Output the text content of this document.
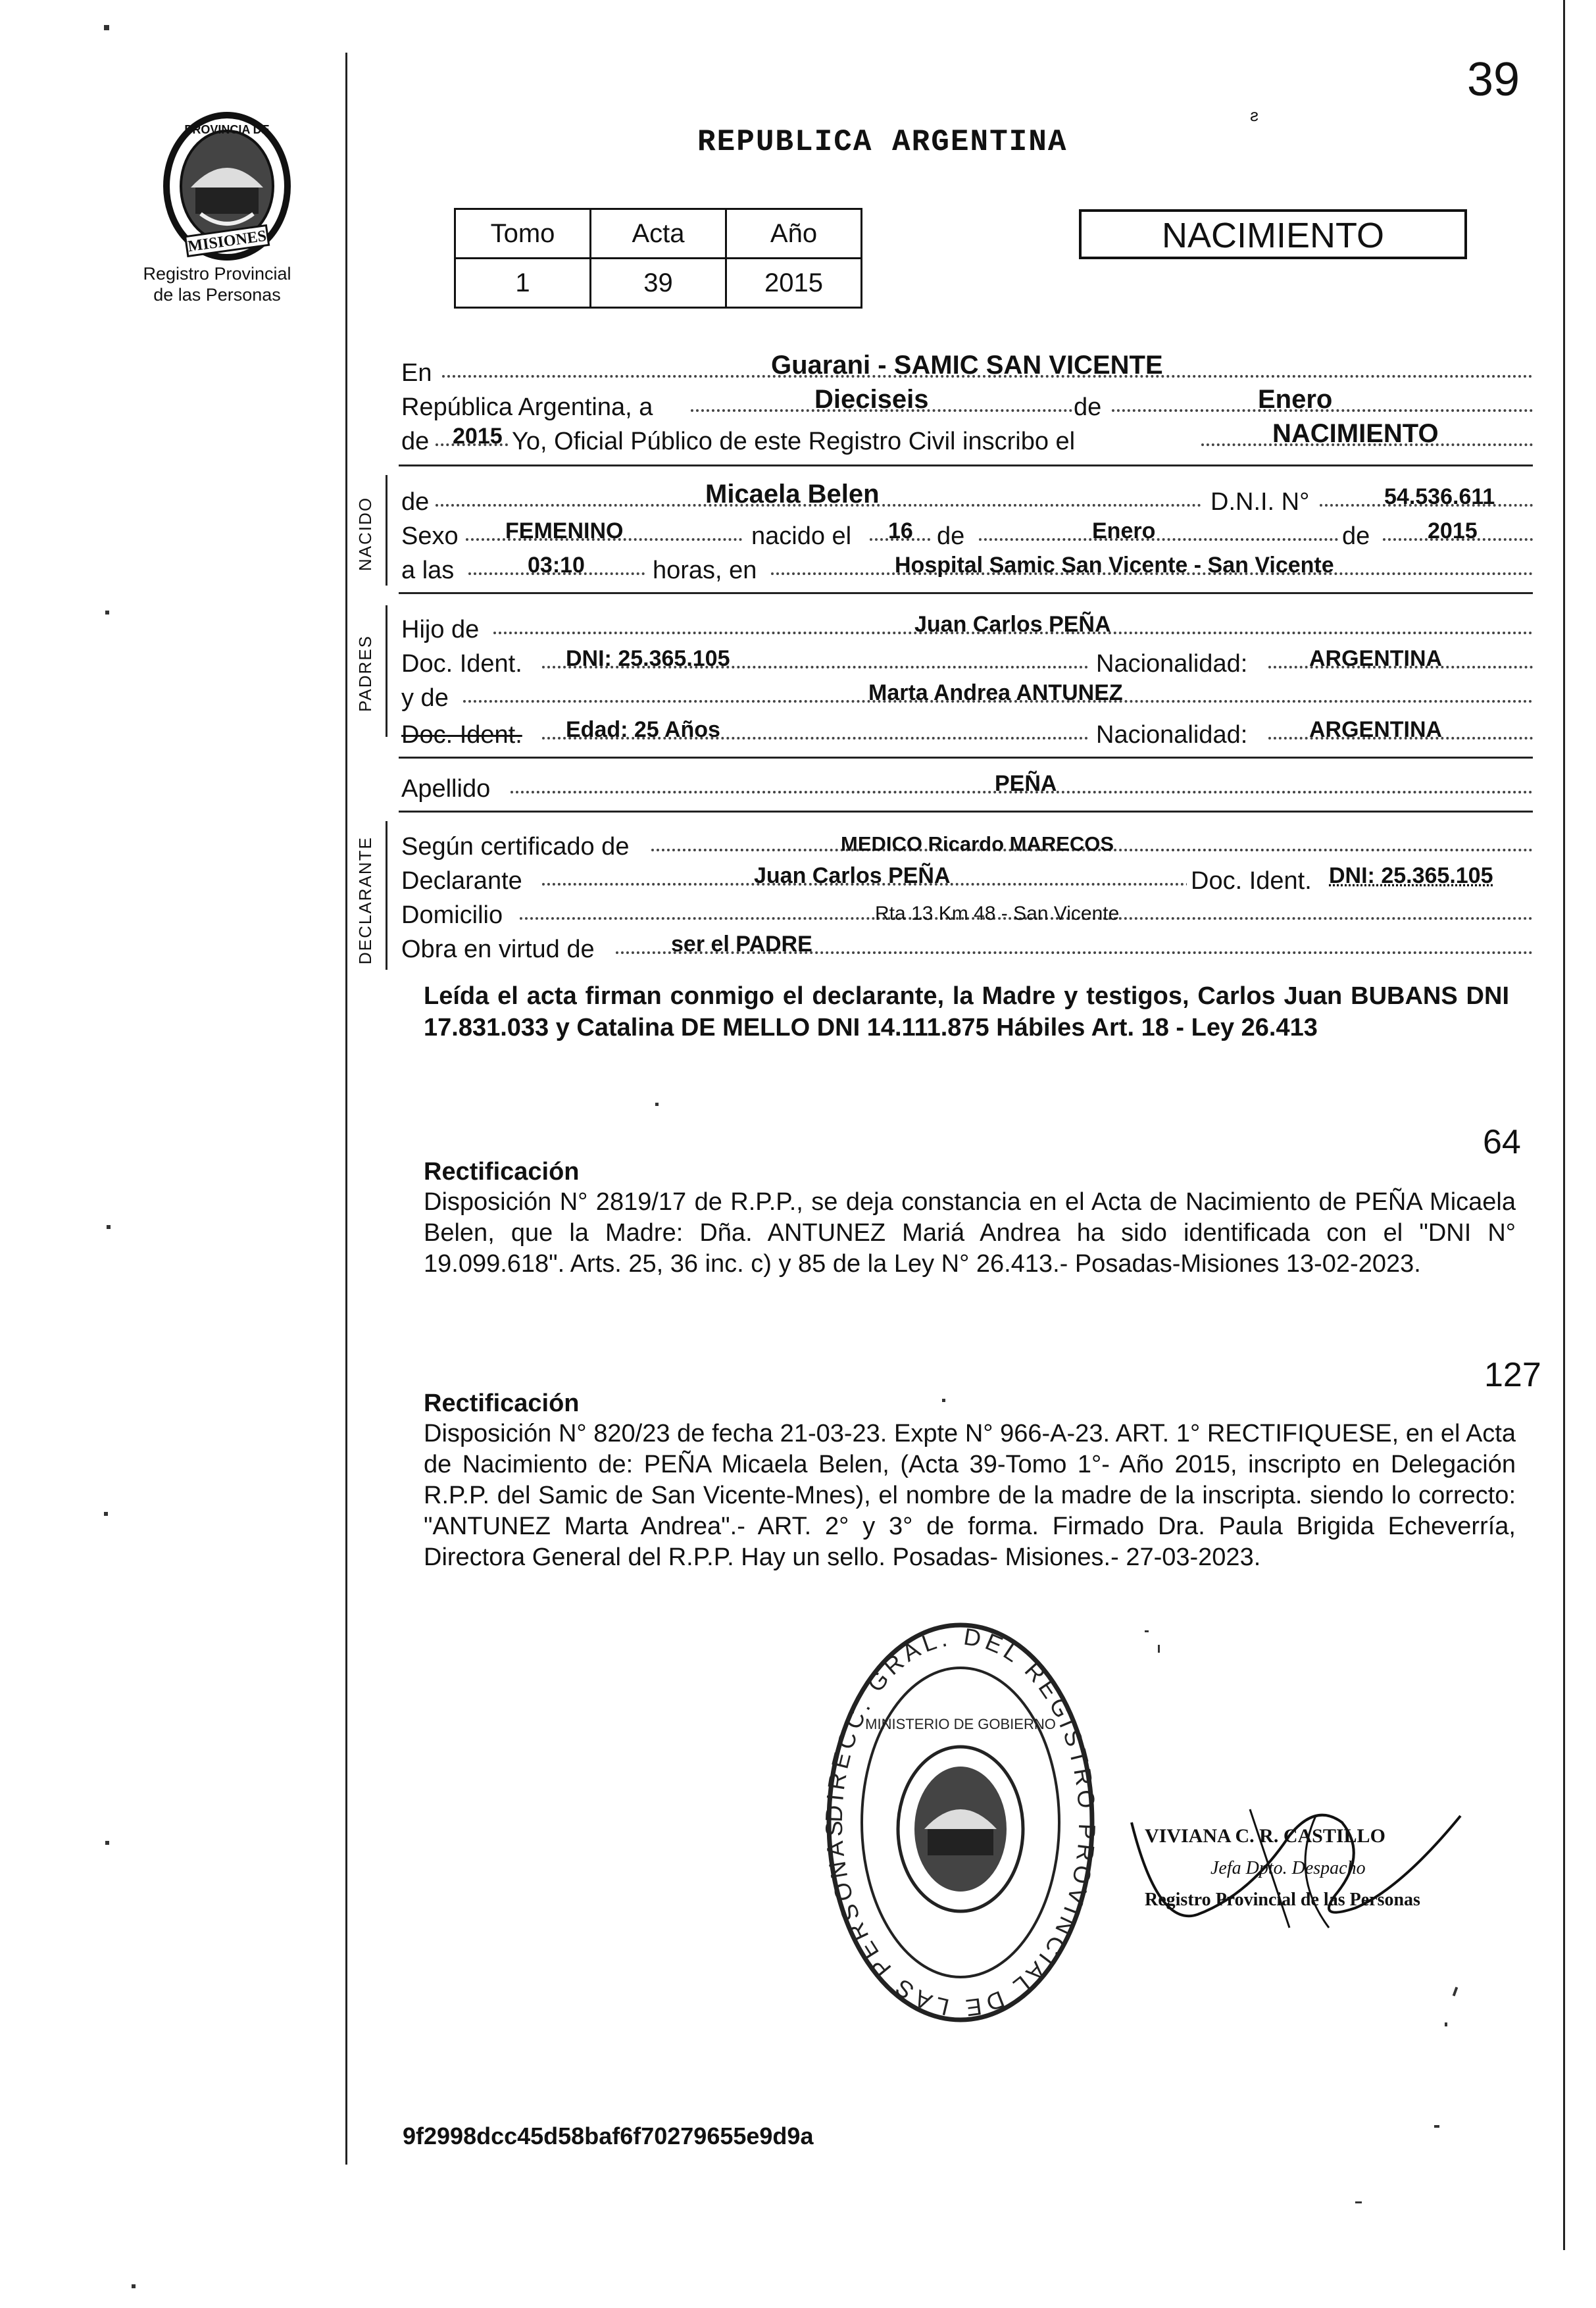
39
ƨ
REPUBLICA ARGENTINA
PROVINCIA DE
MISIONES
Registro Provincial
de las Personas
Tomo	Acta	Año
1	39	2015
NACIMIENTO
En	Guarani - SAMIC SAN VICENTE
República Argentina, a	Dieciseis	de	Enero
de 2015 Yo, Oficial Público de este Registro Civil inscribo el	NACIMIENTO
NACIDO de	Micaela Belen	D.N.I. N°	54.536.611
Sexo FEMENINO	nacido el 16 de	Enero	de	2015
a las	03:10	horas, en	Hospital Samic San Vicente - San Vicente
PADRES
Hijo de	Juan Carlos PEÑA
Doc. Ident. DNI: 25.365.105	Nacionalidad:	ARGENTINA
y de	Marta Andrea ANTUNEZ
Doc. Ident. Edad: 25 Años	Nacionalidad:	ARGENTINA
Apellido	PEÑA
DECLARANTE Según certificado de	MEDICO Ricardo MARECOS
Declarante	Juan Carlos PEÑA	Doc. Ident. DNI: 25.365.105
Domicilio	Rta 13 Km 48 - San Vicente
Obra en virtud de	ser el PADRE
Leída el acta firman conmigo el declarante, la Madre y testigos, Carlos Juan BUBANS DNI 17.831.033 y Catalina DE MELLO DNI 14.111.875 Hábiles Art. 18 - Ley 26.413
64
Rectificación
Disposición N° 2819/17 de R.P.P., se deja constancia en el Acta de Nacimiento de PEÑA Micaela Belen, que la Madre: Dña. ANTUNEZ Mariá Andrea ha sido identificada con el "DNI N° 19.099.618". Arts. 25, 36 inc. c) y 85 de la Ley N° 26.413.- Posadas-Misiones 13-02-2023.
127
Rectificación
Disposición N° 820/23 de fecha 21-03-23. Expte N° 966-A-23. ART. 1° RECTIFIQUESE, en el Acta de Nacimiento de: PEÑA Micaela Belen, (Acta 39-Tomo 1°- Año 2015, inscripto en Delegación R.P.P. del Samic de San Vicente-Mnes), el nombre de la madre de la inscripta. siendo lo correcto: "ANTUNEZ Marta Andrea".- ART. 2° y 3° de forma. Firmado Dra. Paula Brigida Echeverría, Directora General del R.P.P. Hay un sello. Posadas- Misiones.- 27-03-2023.
DIRECC. GRAL. DEL REGISTRO PROVINCIAL DE LAS PERSONAS
MINISTERIO DE GOBIERNO
VIVIANA C. R. CASTILLO
Jefa Dpto. Despacho
Registro Provincial de las Personas
9f2998dcc45d58baf6f70279655e9d9a
